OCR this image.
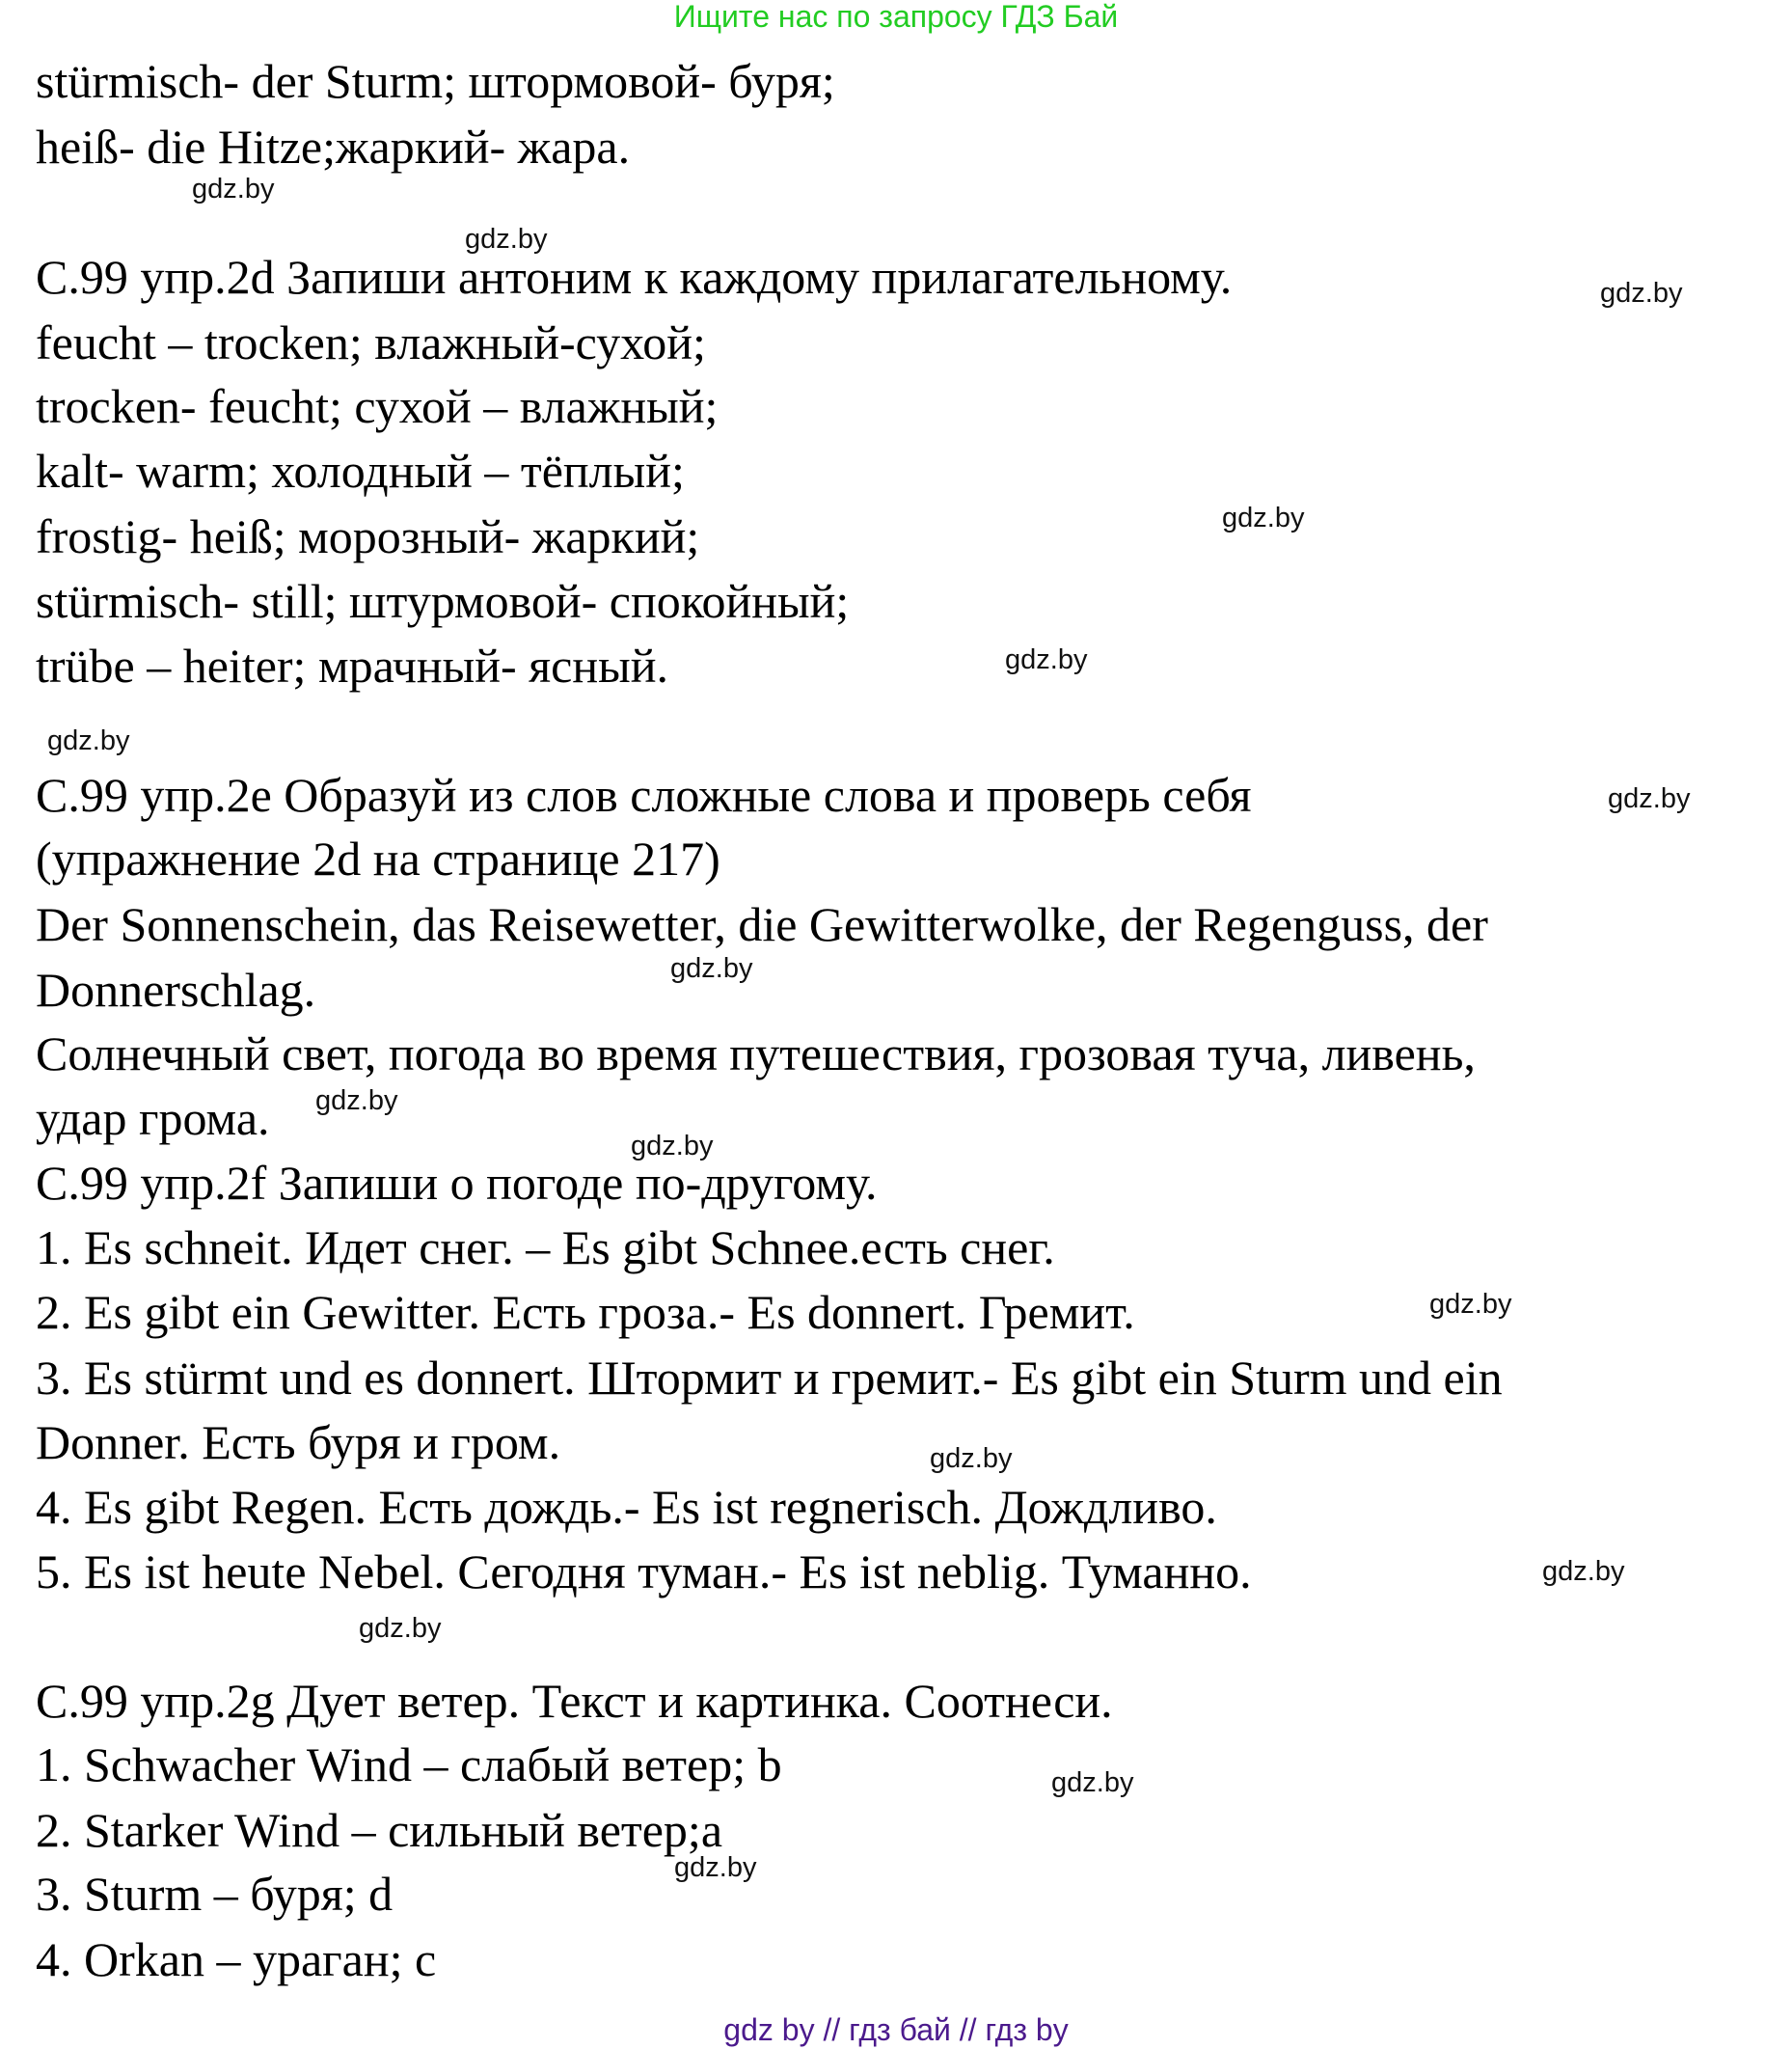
Ищите нас по запросу ГДЗ Бай
stürmisch- der Sturm; штормовой- буря;
heiß- die Hitze;жаркий- жара.
С.99 упр.2d Запиши антоним к каждому прилагательному.
feucht – trocken; влажный-сухой;
trocken- feucht; сухой – влажный;
kalt- warm; холодный – тёплый;
frostig- heiß; морозный- жаркий;
stürmisch- still; штурмовой- спокойный;
trübe – heiter; мрачный- ясный.
С.99 упр.2е Образуй из слов сложные слова и проверь себя
(упражнение 2d на странице 217)
Der Sonnenschein, das Reisewetter, die Gewitterwolke, der Regenguss, der
Donnerschlag.
Солнечный свет, погода во время путешествия, грозовая туча, ливень,
удар грома.
С.99 упр.2f Запиши о погоде по-другому.
1. Es schneit. Идет снег. – Es gibt Schnee.есть снег.
2. Es gibt ein Gewitter. Есть гроза.- Es donnert. Гремит.
3. Es stürmt und es donnert. Штормит и гремит.- Es gibt ein Sturm und ein
Donner. Есть буря и гром.
4. Es gibt Regen. Есть дождь.- Es ist regnerisch. Дождливо.
5. Es ist heute Nebel. Сегодня туман.- Es ist neblig. Туманно.
С.99 упр.2g Дует ветер. Текст и картинка. Соотнеси.
1. Schwacher Wind – слабый ветер; b
2. Starker Wind – сильный ветер;a
3. Sturm – буря; d
4. Orkan – ураган; c
gdz.by
gdz.by
gdz.by
gdz.by
gdz.by
gdz.by
gdz.by
gdz.by
gdz.by
gdz.by
gdz.by
gdz.by
gdz.by
gdz.by
gdz.by
gdz.by
gdz by // гдз бай // гдз by
